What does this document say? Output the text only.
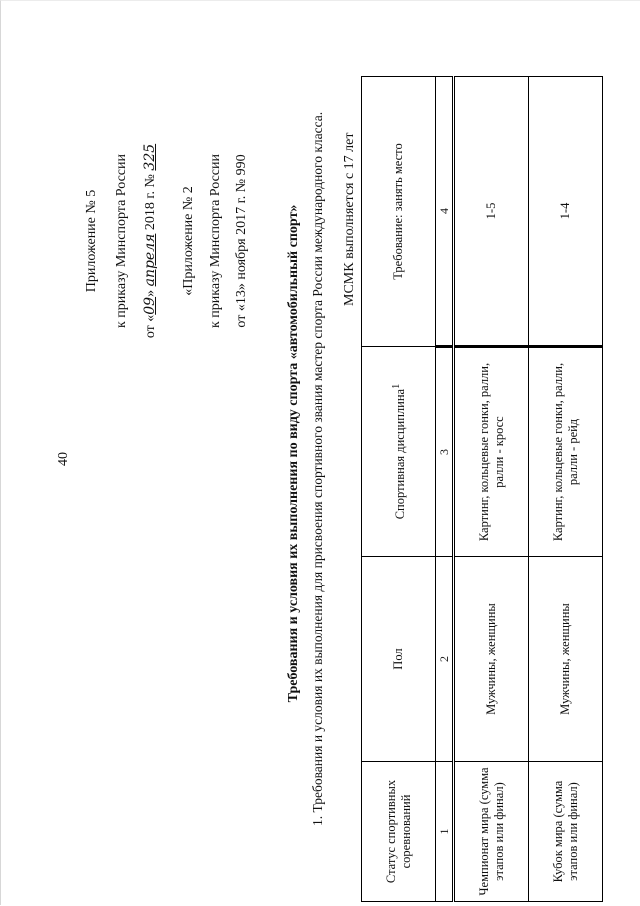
40
Приложение № 5 к приказу Минспорта России от «09» апреля 2018 г. № 325
«Приложение № 2 к приказу Минспорта России от «13» ноября 2017 г. № 990	Требования и условия их выполнения по виду спорта «автомобильный спорт» 1. Требования и условия их выполнения для присвоения спортивного звания мастер спорта России международного класса. МСМК выполняется с 17 лет
Статус спортивных соревнований	Пол	Спортивная дисциплина$^1$	Требование: занять место
1	2	3	4
Чемпионат мира (сумма этапов или финал)	Мужчины, женщины	Картинг, кольцевые гонки, ралли, ралли - кросс	1-5
Кубок мира (сумма этапов или финал)	Мужчины, женщины	Картинг, кольцевые гонки, ралли, ралли - рейд	1-4
